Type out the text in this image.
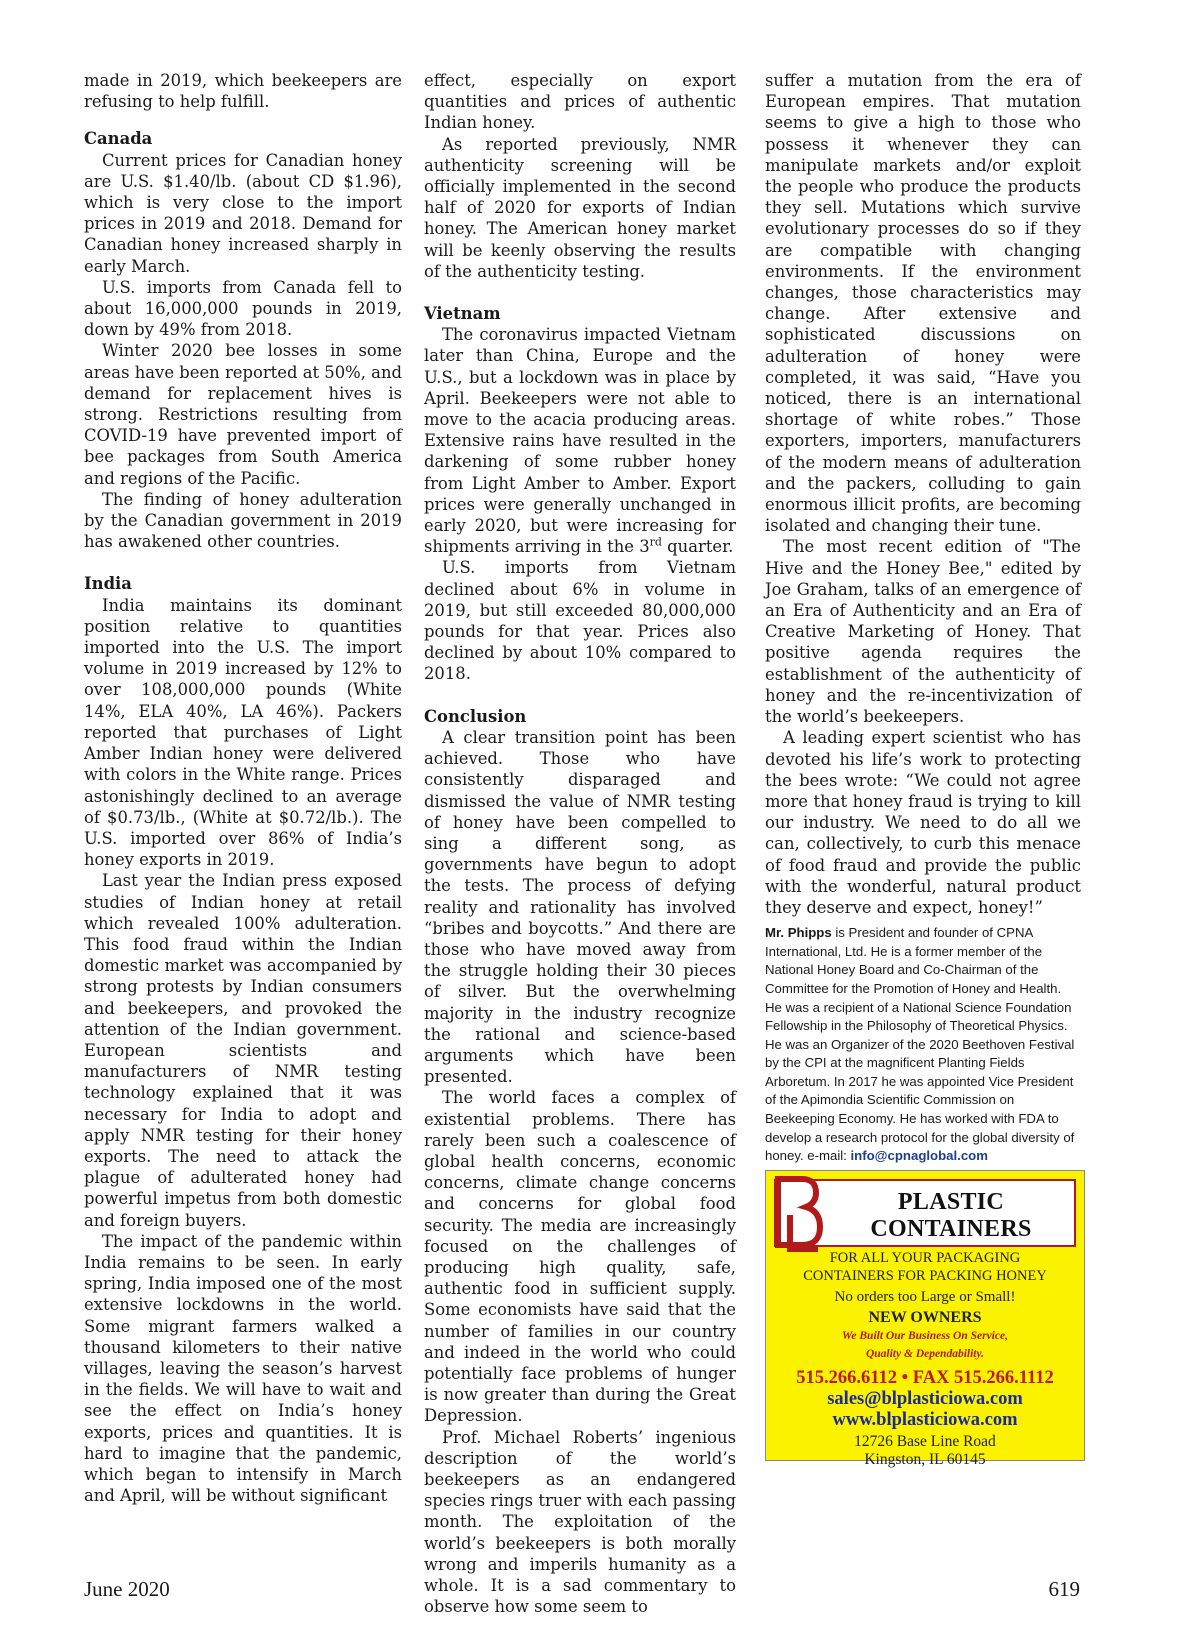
made in 2019, which beekeepers are refusing to help fulfill.

Canada

Current prices for Canadian honey are U.S. $1.40/lb. (about CD $1.96), which is very close to the import prices in 2019 and 2018. Demand for Canadian honey increased sharply in early March.

U.S. imports from Canada fell to about 16,000,000 pounds in 2019, down by 49% from 2018.

Winter 2020 bee losses in some areas have been reported at 50%, and demand for replacement hives is strong. Restrictions resulting from COVID-19 have prevented import of bee packages from South America and regions of the Pacific.

The finding of honey adulteration by the Canadian government in 2019 has awakened other countries.

India

India maintains its dominant position relative to quantities imported into the U.S. The import volume in 2019 increased by 12% to over 108,000,000 pounds (White 14%, ELA 40%, LA 46%). Packers reported that purchases of Light Amber Indian honey were delivered with colors in the White range. Prices astonishingly declined to an average of $0.73/lb., (White at $0.72/lb.). The U.S. imported over 86% of India’s honey exports in 2019.

Last year the Indian press exposed studies of Indian honey at retail which revealed 100% adulteration. This food fraud within the Indian domestic market was accompanied by strong protests by Indian consumers and beekeepers, and provoked the attention of the Indian government. European scientists and manufacturers of NMR testing technology explained that it was necessary for India to adopt and apply NMR testing for their honey exports. The need to attack the plague of adulterated honey had powerful impetus from both domestic and foreign buyers.

The impact of the pandemic within India remains to be seen. In early spring, India imposed one of the most extensive lockdowns in the world. Some migrant farmers walked a thousand kilometers to their native villages, leaving the season’s harvest in the fields. We will have to wait and see the effect on India’s honey exports, prices and quantities. It is hard to imagine that the pandemic, which began to intensify in March and April, will be without significant

effect, especially on export quantities and prices of authentic Indian honey.

As reported previously, NMR authenticity screening will be officially implemented in the second half of 2020 for exports of Indian honey. The American honey market will be keenly observing the results of the authenticity testing.

Vietnam

The coronavirus impacted Vietnam later than China, Europe and the U.S., but a lockdown was in place by April. Beekeepers were not able to move to the acacia producing areas. Extensive rains have resulted in the darkening of some rubber honey from Light Amber to Amber. Export prices were generally unchanged in early 2020, but were increasing for shipments arriving in the 3rd quarter.

U.S. imports from Vietnam declined about 6% in volume in 2019, but still exceeded 80,000,000 pounds for that year. Prices also declined by about 10% compared to 2018.

Conclusion

A clear transition point has been achieved. Those who have consistently disparaged and dismissed the value of NMR testing of honey have been compelled to sing a different song, as governments have begun to adopt the tests. The process of defying reality and rationality has involved “bribes and boycotts.” And there are those who have moved away from the struggle holding their 30 pieces of silver. But the overwhelming majority in the industry recognize the rational and science-based arguments which have been presented.

The world faces a complex of existential problems. There has rarely been such a coalescence of global health concerns, economic concerns, climate change concerns and concerns for global food security. The media are increasingly focused on the challenges of producing high quality, safe, authentic food in sufficient supply. Some economists have said that the number of families in our country and indeed in the world who could potentially face problems of hunger is now greater than during the Great Depression.

Prof. Michael Roberts’ ingenious description of the world’s beekeepers as an endangered species rings truer with each passing month. The exploitation of the world’s beekeepers is both morally wrong and imperils humanity as a whole. It is a sad commentary to observe how some seem to

suffer a mutation from the era of European empires. That mutation seems to give a high to those who possess it whenever they can manipulate markets and/or exploit the people who produce the products they sell. Mutations which survive evolutionary processes do so if they are compatible with changing environments. If the environment changes, those characteristics may change. After extensive and sophisticated discussions on adulteration of honey were completed, it was said, “Have you noticed, there is an international shortage of white robes.” Those exporters, importers, manufacturers of the modern means of adulteration and the packers, colluding to gain enormous illicit profits, are becoming isolated and changing their tune.

The most recent edition of "The Hive and the Honey Bee," edited by Joe Graham, talks of an emergence of an Era of Authenticity and an Era of Creative Marketing of Honey. That positive agenda requires the establishment of the authenticity of honey and the re-incentivization of the world’s beekeepers.

A leading expert scientist who has devoted his life’s work to protecting the bees wrote: “We could not agree more that honey fraud is trying to kill our industry. We need to do all we can, collectively, to curb this menace of food fraud and provide the public with the wonderful, natural product they deserve and expect, honey!”

Mr. Phipps is President and founder of CPNA International, Ltd. He is a former member of the National Honey Board and Co-Chairman of the Committee for the Promotion of Honey and Health. He was a recipient of a National Science Foundation Fellowship in the Philosophy of Theoretical Physics. He was an Organizer of the 2020 Beethoven Festival by the CPI at the magnificent Planting Fields Arboretum. In 2017 he was appointed Vice President of the Apimondia Scientific Commission on Beekeeping Economy. He has worked with FDA to develop a research protocol for the global diversity of honey. e-mail: info@cpnaglobal.com
PLASTIC CONTAINERS
FOR ALL YOUR PACKAGING
CONTAINERS FOR PACKING HONEY
No orders too Large or Small!
NEW OWNERS
We Built Our Business On Service,
Quality & Dependability.
515.266.6112 • FAX 515.266.1112
sales@blplasticiowa.com
www.blplasticiowa.com
12726 Base Line Road
Kingston, IL 60145
June 2020	619
